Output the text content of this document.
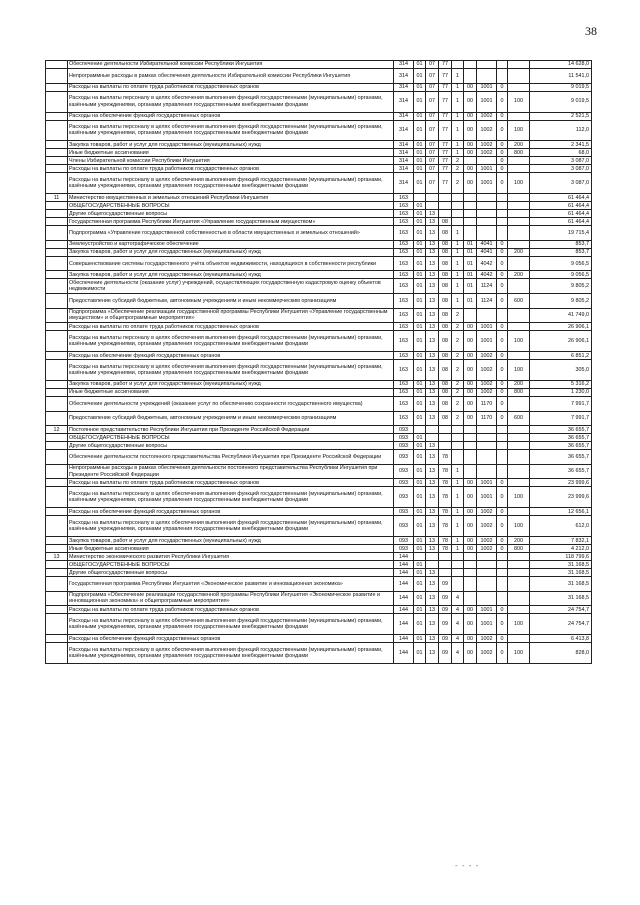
38
	Обеспечение деятельности Избирательной комиссии Республики Ингушетия	314	01	07	77						14 628,0
	Непрограммные расходы в рамках обеспечения деятельности Избирательной комиссии Республики Ингушетия	314	01	07	77	1					11 541,0
	Расходы на выплаты по оплате труда работников государственных органов	314	01	07	77	1	00	1001	0		9 019,5
	Расходы на выплаты персоналу в целях обеспечения выполнения функций государственными (муниципальными) органами, казёнными учреждениями, органами управления государственными внебюджетными фондами	314	01	07	77	1	00	1001	0	100	9 019,5
	Расходы на обеспечение функций государственных органов	314	01	07	77	1	00	1002	0		2 521,5
	Расходы на выплаты персоналу в целях обеспечения выполнения функций государственными (муниципальными) органами, казёнными учреждениями, органами управления государственными внебюджетными фондами	314	01	07	77	1	00	1002	0	100	112,0
	Закупка товаров, работ и услуг для государственных (муниципальных) нужд	314	01	07	77	1	00	1002	0	200	2 341,5
	Иные бюджетные ассигнования	314	01	07	77	1	00	1002	0	800	68,0
	Члены Избирательной комиссии Республики Ингушетия	314	01	07	77	2			0		3 087,0
	Расходы на выплаты по оплате труда работников государственных органов	314	01	07	77	2	00	1001	0		3 087,0
	Расходы на выплаты персоналу в целях обеспечения выполнения функций государственными (муниципальными) органами, казёнными учреждениями, органами управления государственными внебюджетными фондами	314	01	07	77	2	00	1001	0	100	3 087,0
11	Министерство имущественных и земельных отношений Республики Ингушетия	163									61 464,4
	ОБЩЕГОСУДАРСТВЕННЫЕ ВОПРОСЫ	163	01								61 464,4
	Другие общегосударственные вопросы	163	01	13							61 464,4
	Государственная программа Республики Ингушетия «Управление государственным имуществом»	163	01	13	08						61 464,4
	Подпрограмма «Управление государственной собственностью в области имущественных и земельных отношений»	163	01	13	08	1					19 715,4
	Землеустройство и картографическое обеспечение	163	01	13	08	1	01	4041	0		853,7
	Закупка товаров, работ и услуг для государственных (муниципальных) нужд	163	01	13	08	1	01	4041	0	200	853,7
	Совершенствование системы государственного учёта объектов недвижимости, находящихся в собственности республики	163	01	13	08	1	01	4042	0		9 056,5
	Закупка товаров, работ и услуг для государственных (муниципальных) нужд	163	01	13	08	1	01	4042	0	200	9 056,5
	Обеспечение деятельности (оказание услуг) учреждений, осуществляющих государственную кадастровую оценку объектов недвижимости	163	01	13	08	1	01	1124	0		9 805,2
	Предоставление субсидий бюджетным, автономным учреждениям и иным некоммерческим организациям	163	01	13	08	1	01	1124	0	600	9 805,2
	Подпрограмма «Обеспечение реализации государственной программы Республики Ингушетия «Управление государственным имуществом» и общепрограммные мероприятия»	163	01	13	08	2					41 749,0
	Расходы на выплаты по оплате труда работников государственных органов	163	01	13	08	2	00	1001	0		26 906,1
	Расходы на выплаты персоналу в целях обеспечения выполнения функций государственными (муниципальными) органами, казёнными учреждениями, органами управления государственными внебюджетными фондами	163	01	13	08	2	00	1001	0	100	26 906,1
	Расходы на обеспечение функций государственных органов	163	01	13	08	2	00	1002	0		6 851,2
	Расходы на выплаты персоналу в целях обеспечения выполнения функций государственными (муниципальными) органами, казёнными учреждениями, органами управления государственными внебюджетными фондами	163	01	13	08	2	00	1002	0	100	305,0
	Закупка товаров, работ и услуг для государственных (муниципальных) нужд	163	01	13	08	2	00	1002	0	200	5 316,2
	Иные бюджетные ассигнования	163	01	13	08	2	00	1002	0	800	1 230,0
	Обеспечение деятельности учреждений (оказание услуг по обеспечению сохранности государственного имущества)	163	01	13	08	2	00	1170	0		7 991,7
	Предоставление субсидий бюджетным, автономным учреждениям и иным некоммерческим организациям	163	01	13	08	2	00	1170	0	600	7 991,7
12	Постоянное представительство Республики Ингушетия при Президенте Российской Федерации	093									36 655,7
	ОБЩЕГОСУДАРСТВЕННЫЕ ВОПРОСЫ	093	01								36 655,7
	Другие общегосударственные вопросы	093	01	13							36 655,7
	Обеспечение деятельности постоянного представительства Республики Ингушетия при Президенте Российской Федерации	093	01	13	78						36 655,7
	Непрограммные расходы в рамках обеспечения деятельности постоянного представительства Республики Ингушетия при Президенте Российской Федерации	093	01	13	78	1					36 655,7
	Расходы на выплаты по оплате труда работников государственных органов	093	01	13	78	1	00	1001	0		23 999,6
	Расходы на выплаты персоналу в целях обеспечения выполнения функций государственными (муниципальными) органами, казёнными учреждениями, органами управления государственными внебюджетными фондами	093	01	13	78	1	00	1001	0	100	23 999,6
	Расходы на обеспечение функций государственных органов	093	01	13	78	1	00	1002	0		12 656,1
	Расходы на выплаты персоналу в целях обеспечения выполнения функций государственными (муниципальными) органами, казёнными учреждениями, органами управления государственными внебюджетными фондами	093	01	13	78	1	00	1002	0	100	612,0
	Закупка товаров, работ и услуг для государственных (муниципальных) нужд	093	01	13	78	1	00	1002	0	200	7 832,1
	Иные бюджетные ассигнования	093	01	13	78	1	00	1002	0	800	4 212,0
13	Министерство экономического развития Республики Ингушетия	144									118 799,6
	ОБЩЕГОСУДАРСТВЕННЫЕ ВОПРОСЫ	144	01								31 168,5
	Другие общегосударственные вопросы	144	01	13							31 168,5
	Государственная программа Республики Ингушетия «Экономическое развитие и инновационная экономика»	144	01	13	09						31 168,5
	Подпрограмма «Обеспечение реализации государственной программы Республики Ингушетия «Экономическое развитие и инновационная экономика» и общепрограммные мероприятия»	144	01	13	09	4					31 168,5
	Расходы на выплаты по оплате труда работников государственных органов	144	01	13	09	4	00	1001	0		24 754,7
	Расходы на выплаты персоналу в целях обеспечения выполнения функций государственными (муниципальными) органами, казёнными учреждениями, органами управления государственными внебюджетными фондами	144	01	13	09	4	00	1001	0	100	24 754,7
	Расходы на обеспечение функций государственных органов	144	01	13	09	4	00	1002	0		6 413,8
	Расходы на выплаты персоналу в целях обеспечения выполнения функций государственными (муниципальными) органами, казёнными учреждениями, органами управления государственными внебюджетными фондами	144	01	13	09	4	00	1002	0	100	828,0
- - - -
